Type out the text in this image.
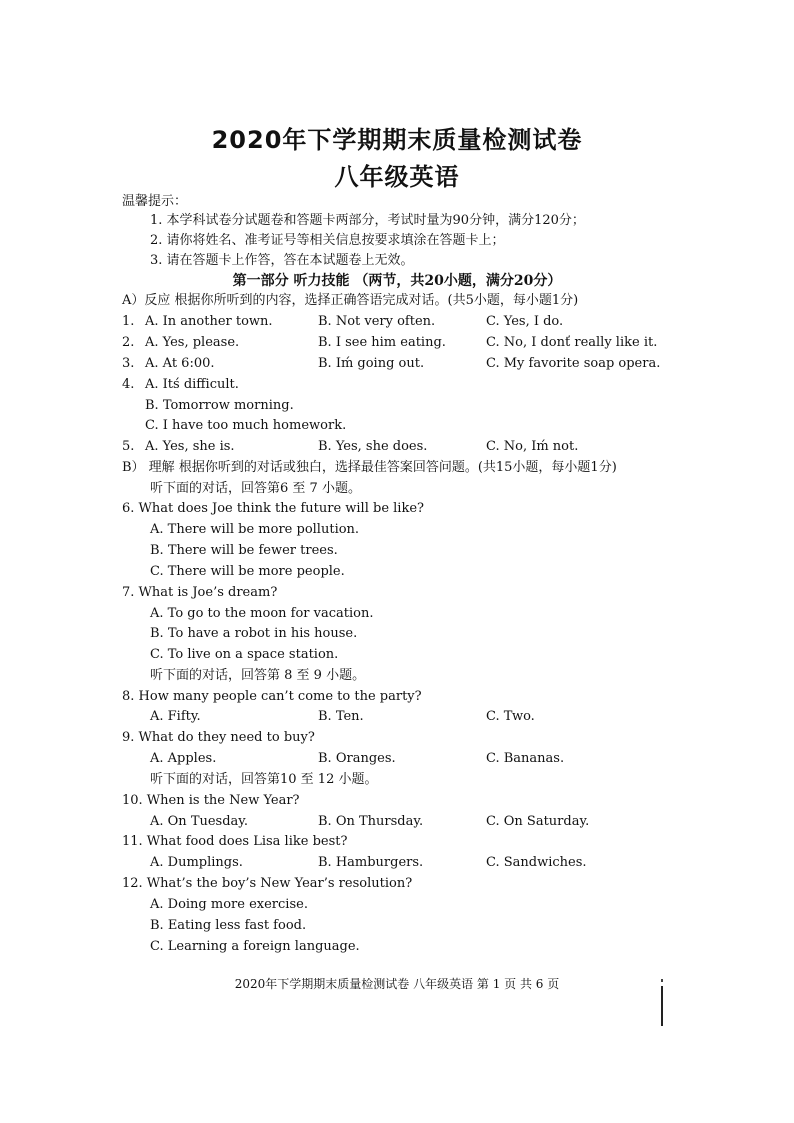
2020年下学期期末质量检测试卷
八年级英语
温馨提示：
1. 本学科试卷分试题卷和答题卡两部分，考试时量为90分钟，满分120分；
2. 请你将姓名、准考证号等相关信息按要求填涂在答题卡上；
3. 请在答题卡上作答，答在本试题卷上无效。
第一部分 听力技能 （两节，共20小题，满分20分）
A）反应 根据你所听到的内容，选择正确答语完成对话。(共5小题，每小题1分)
1. A. In another town.	B. Not very often.	C. Yes, I do.
2. A. Yes, please.	B. I see him eating.	C. No, I donť really like it.
3. A. At 6:00.	B. Iḿ going out.	C. My favorite soap opera.
4. A. Itś difficult.
B. Tomorrow morning.
C. I have too much homework.
5. A. Yes, she is.	B. Yes, she does.	C. No, Iḿ not.
B） 理解 根据你听到的对话或独白，选择最佳答案回答问题。(共15小题，每小题1分)
听下面的对话，回答第6 至 7 小题。
6. What does Joe think the future will be like?
A. There will be more pollution.
B. There will be fewer trees.
C. There will be more people.
7. What is Joe’s dream?
A. To go to the moon for vacation.
B. To have a robot in his house.
C. To live on a space station.
听下面的对话，回答第 8 至 9 小题。
8. How many people can’t come to the party?
A. Fifty.	B. Ten.	C. Two.
9. What do they need to buy?
A. Apples.	B. Oranges.	C. Bananas.
听下面的对话，回答第10 至 12 小题。
10. When is the New Year?
A. On Tuesday.	B. On Thursday.	C. On Saturday.
11. What food does Lisa like best?
A. Dumplings.	B. Hamburgers.	C. Sandwiches.
12. What’s the boy’s New Year’s resolution?
A. Doing more exercise.
B. Eating less fast food.
C. Learning a foreign language.
2020年下学期期末质量检测试卷 八年级英语 第 1 页 共 6 页
